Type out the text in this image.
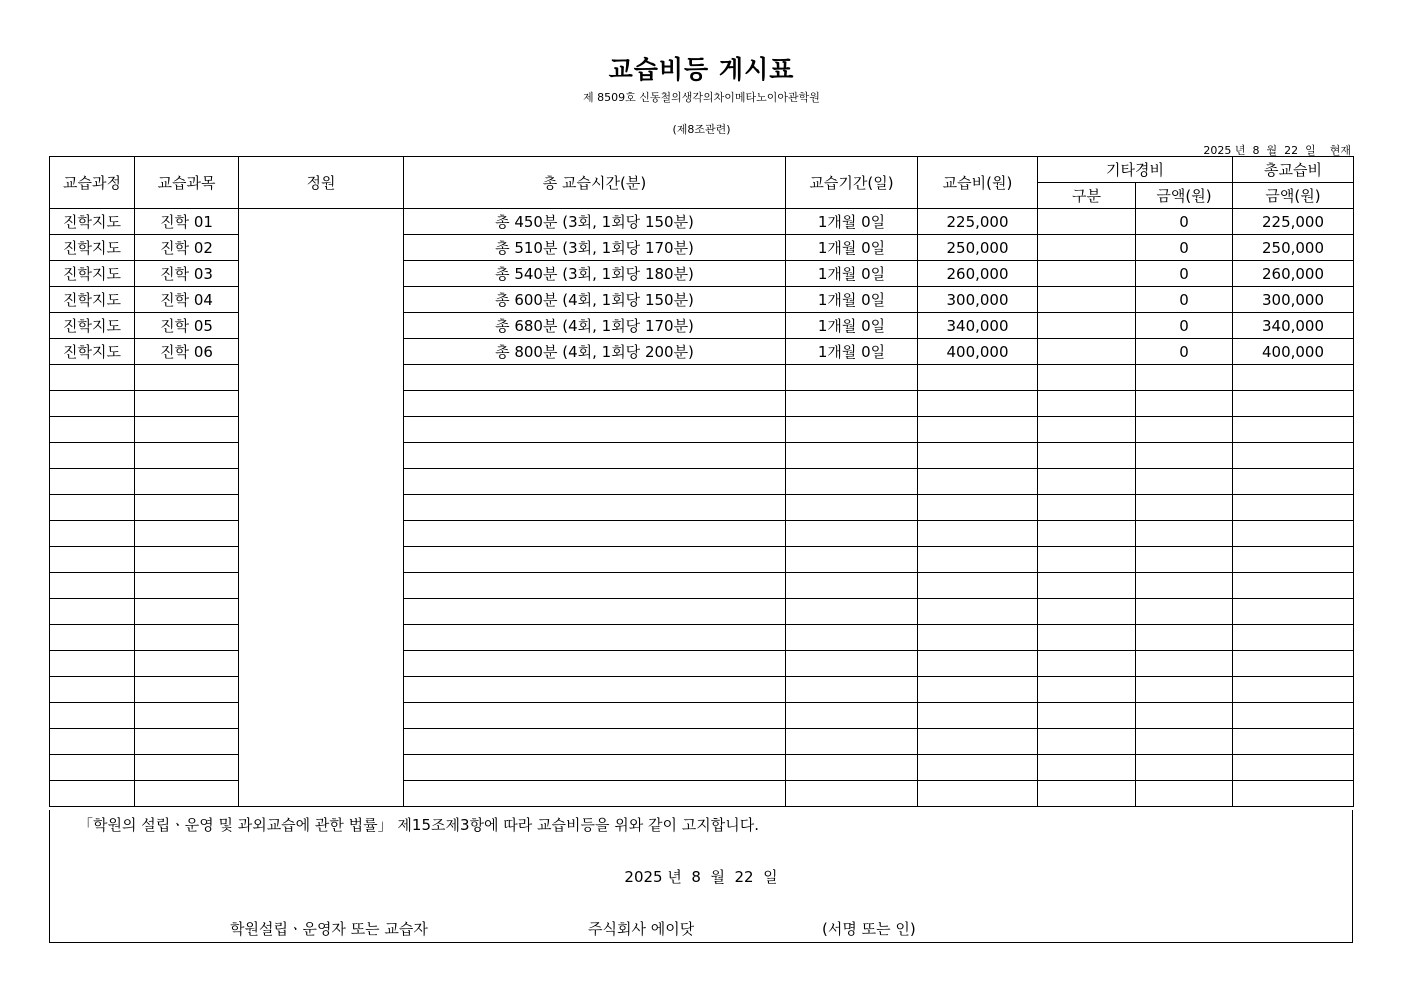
교습비등 게시표
제 8509호 신동철의생각의차이메타노이아관학원
(제8조관련)
2025 년  8  월  22  일    현재
교습과정	교습과목	정원	총 교습시간(분)	교습기간(일)	교습비(원)	기타경비		총교습비
						구분	금액(원)	금액(원)
진학지도	진학 01		총 450분 (3회, 1회당 150분)	1개월 0일	225,000		0	225,000
진학지도	진학 02		총 510분 (3회, 1회당 170분)	1개월 0일	250,000		0	250,000
진학지도	진학 03		총 540분 (3회, 1회당 180분)	1개월 0일	260,000		0	260,000
진학지도	진학 04		총 600분 (4회, 1회당 150분)	1개월 0일	300,000		0	300,000
진학지도	진학 05		총 680분 (4회, 1회당 170분)	1개월 0일	340,000		0	340,000
진학지도	진학 06		총 800분 (4회, 1회당 200분)	1개월 0일	400,000		0	400,000

「학원의 설립ㆍ운영 및 과외교습에 관한 법률」 제15조제3항에 따라 교습비등을 위와 같이 고지합니다.
2025 년  8  월  22  일
학원설립ㆍ운영자 또는 교습자	주식회사 에이닷	(서명 또는 인)
